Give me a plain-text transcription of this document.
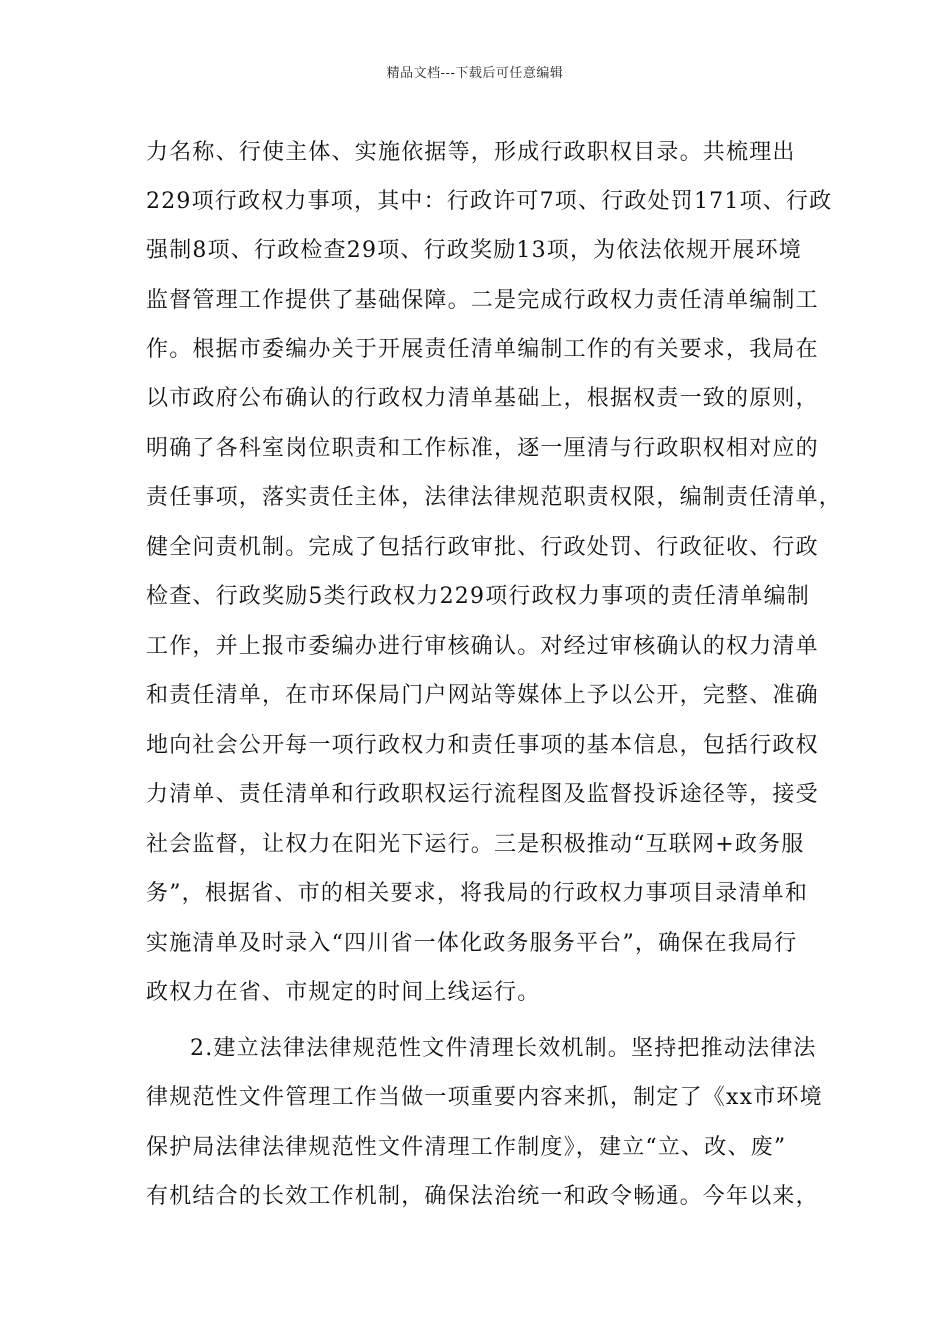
精品文档---下载后可任意编辑
力名称、行使主体、实施依据等，形成行政职权目录。共梳理出
229项行政权力事项，其中：行政许可7项、行政处罚171项、行政
强制8项、行政检查29项、行政奖励13项，为依法依规开展环境
监督管理工作提供了基础保障。二是完成行政权力责任清单编制工
作。根据市委编办关于开展责任清单编制工作的有关要求，我局在
以市政府公布确认的行政权力清单基础上，根据权责一致的原则，
明确了各科室岗位职责和工作标准，逐一厘清与行政职权相对应的
责任事项，落实责任主体，法律法律规范职责权限，编制责任清单，
健全问责机制。完成了包括行政审批、行政处罚、行政征收、行政
检查、行政奖励5类行政权力229项行政权力事项的责任清单编制
工作，并上报市委编办进行审核确认。对经过审核确认的权力清单
和责任清单，在市环保局门户网站等媒体上予以公开，完整、准确
地向社会公开每一项行政权力和责任事项的基本信息，包括行政权
力清单、责任清单和行政职权运行流程图及监督投诉途径等，接受
社会监督，让权力在阳光下运行。三是积极推动“互联网+政务服
务”，根据省、市的相关要求，将我局的行政权力事项目录清单和
实施清单及时录入“四川省一体化政务服务平台”，确保在我局行
政权力在省、市规定的时间上线运行。
2.建立法律法律规范性文件清理长效机制。坚持把推动法律法
律规范性文件管理工作当做一项重要内容来抓，制定了《xx市环境
保护局法律法律规范性文件清理工作制度》，建立“立、改、废”
有机结合的长效工作机制，确保法治统一和政令畅通。今年以来，
